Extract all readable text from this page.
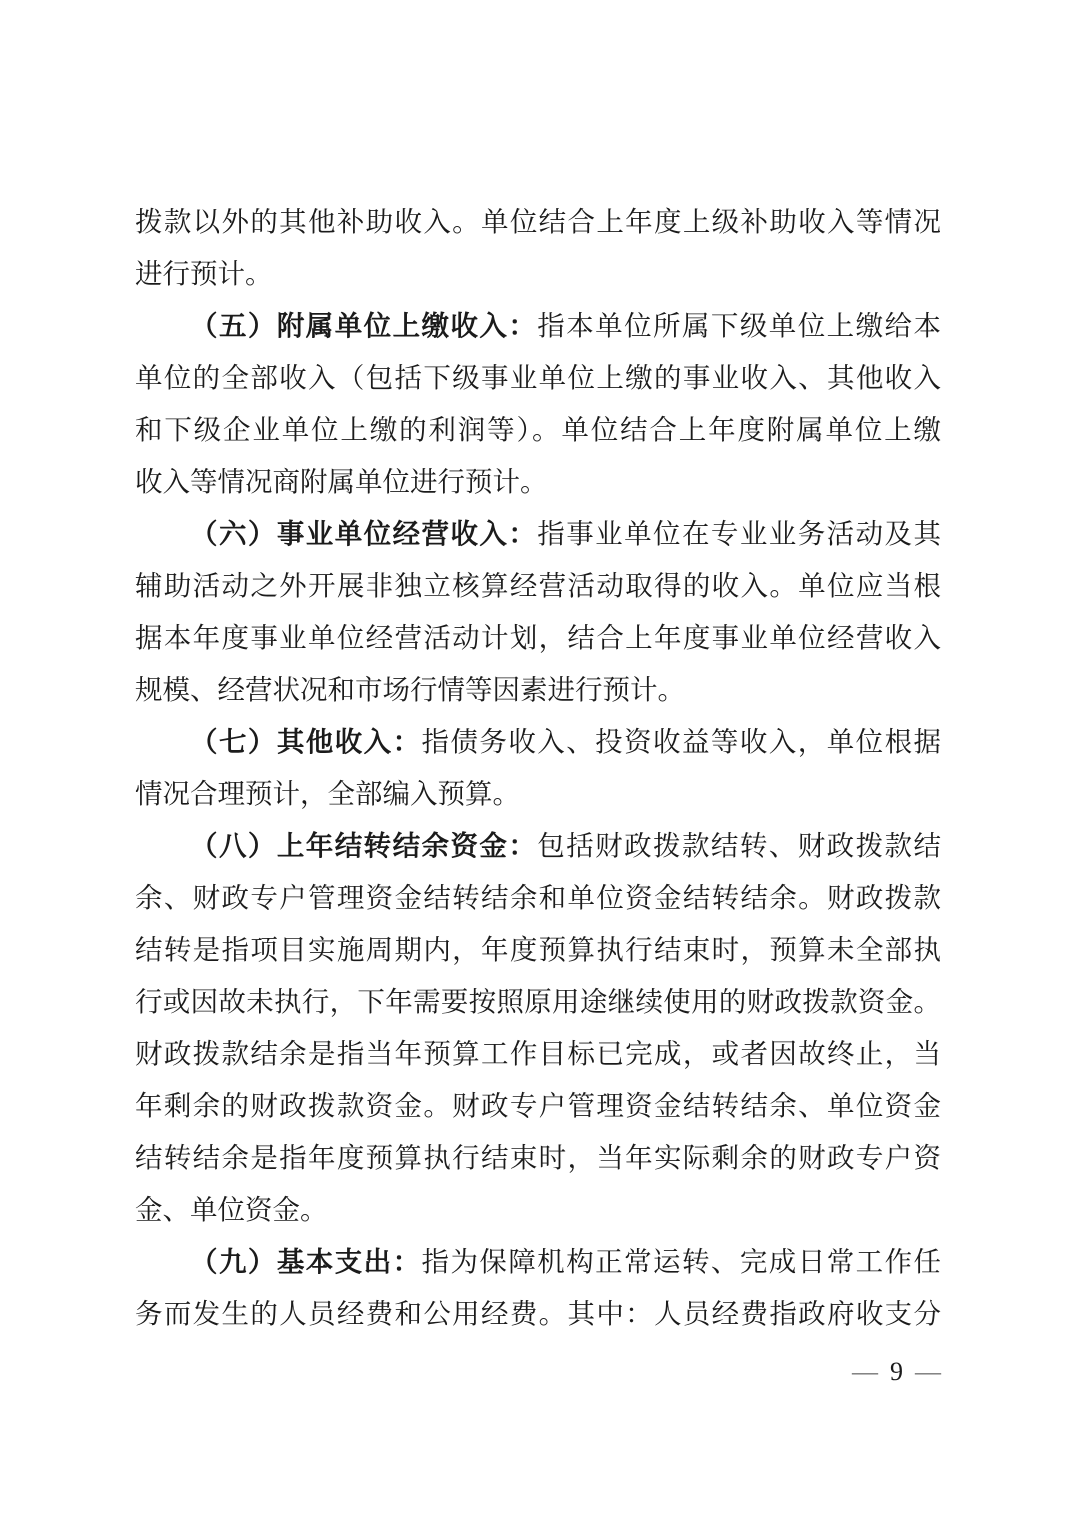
拨款以外的其他补助收入。单位结合上年度上级补助收入等情况
进行预计。
（五）附属单位上缴收入：指本单位所属下级单位上缴给本
单位的全部收入（包括下级事业单位上缴的事业收入、其他收入
和下级企业单位上缴的利润等）。单位结合上年度附属单位上缴
收入等情况商附属单位进行预计。
（六）事业单位经营收入：指事业单位在专业业务活动及其
辅助活动之外开展非独立核算经营活动取得的收入。单位应当根
据本年度事业单位经营活动计划，结合上年度事业单位经营收入
规模、经营状况和市场行情等因素进行预计。
（七）其他收入：指债务收入、投资收益等收入，单位根据
情况合理预计，全部编入预算。
（八）上年结转结余资金：包括财政拨款结转、财政拨款结
余、财政专户管理资金结转结余和单位资金结转结余。财政拨款
结转是指项目实施周期内，年度预算执行结束时，预算未全部执
行或因故未执行，下年需要按照原用途继续使用的财政拨款资金。
财政拨款结余是指当年预算工作目标已完成，或者因故终止，当
年剩余的财政拨款资金。财政专户管理资金结转结余、单位资金
结转结余是指年度预算执行结束时，当年实际剩余的财政专户资
金、单位资金。
（九）基本支出：指为保障机构正常运转、完成日常工作任
务而发生的人员经费和公用经费。其中：人员经费指政府收支分
— 9 —
